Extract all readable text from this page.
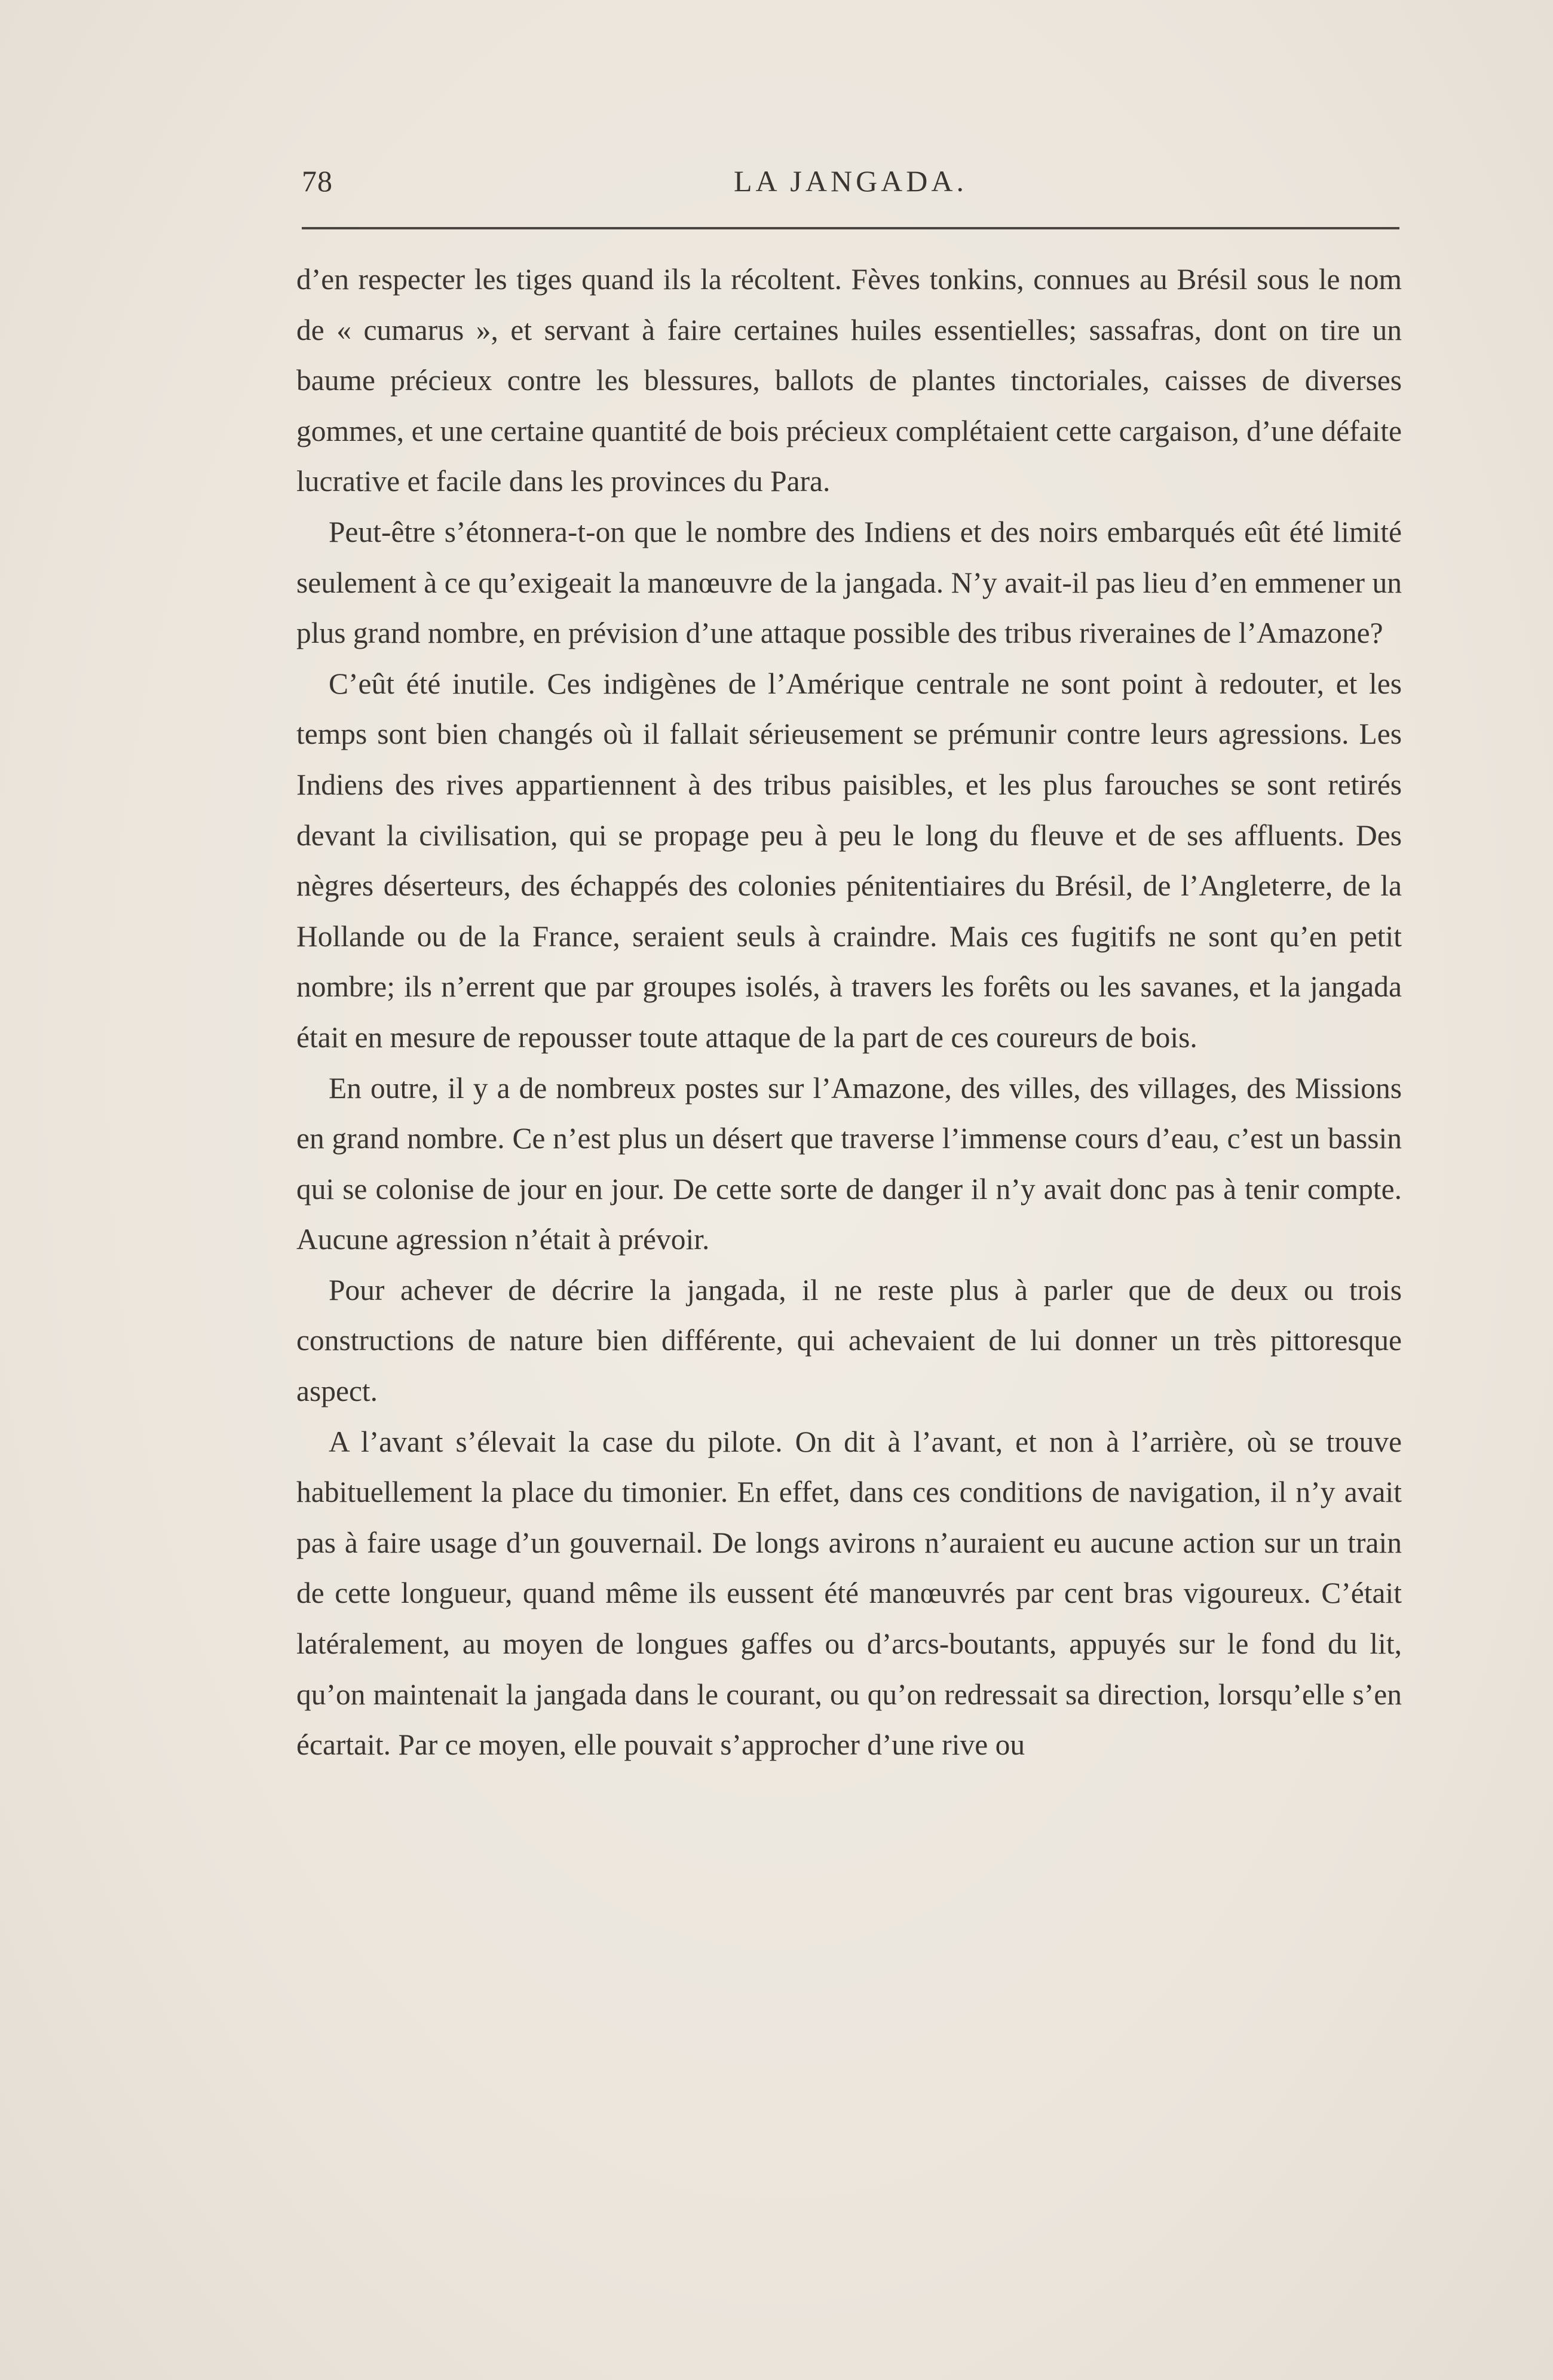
78	LA JANGADA.

d’en respecter les tiges quand ils la récoltent. Fèves tonkins, connues au Brésil sous le nom de « cumarus », et servant à faire certaines huiles essentielles; sassafras, dont on tire un baume précieux contre les blessures, ballots de plantes tinctoriales, caisses de diverses gommes, et une certaine quantité de bois précieux complétaient cette cargaison, d’une défaite lucrative et facile dans les provinces du Para.

Peut-être s’étonnera-t-on que le nombre des Indiens et des noirs embarqués eût été limité seulement à ce qu’exigeait la manœuvre de la jangada. N’y avait-il pas lieu d’en emmener un plus grand nombre, en prévision d’une attaque possible des tribus riveraines de l’Amazone?

C’eût été inutile. Ces indigènes de l’Amérique centrale ne sont point à redouter, et les temps sont bien changés où il fallait sérieusement se prémunir contre leurs agressions. Les Indiens des rives appartiennent à des tribus paisibles, et les plus farouches se sont retirés devant la civilisation, qui se propage peu à peu le long du fleuve et de ses affluents. Des nègres déserteurs, des échappés des colonies pénitentiaires du Brésil, de l’Angleterre, de la Hollande ou de la France, seraient seuls à craindre. Mais ces fugitifs ne sont qu’en petit nombre; ils n’errent que par groupes isolés, à travers les forêts ou les savanes, et la jangada était en mesure de repousser toute attaque de la part de ces coureurs de bois.

En outre, il y a de nombreux postes sur l’Amazone, des villes, des villages, des Missions en grand nombre. Ce n’est plus un désert que traverse l’immense cours d’eau, c’est un bassin qui se colonise de jour en jour. De cette sorte de danger il n’y avait donc pas à tenir compte. Aucune agression n’était à prévoir.

Pour achever de décrire la jangada, il ne reste plus à parler que de deux ou trois constructions de nature bien différente, qui achevaient de lui donner un très pittoresque aspect.

A l’avant s’élevait la case du pilote. On dit à l’avant, et non à l’arrière, où se trouve habituellement la place du timonier. En effet, dans ces conditions de navigation, il n’y avait pas à faire usage d’un gouvernail. De longs avirons n’auraient eu aucune action sur un train de cette longueur, quand même ils eussent été manœuvrés par cent bras vigoureux. C’était latéralement, au moyen de longues gaffes ou d’arcs-boutants, appuyés sur le fond du lit, qu’on maintenait la jangada dans le courant, ou qu’on redressait sa direction, lorsqu’elle s’en écartait. Par ce moyen, elle pouvait s’approcher d’une rive ou
